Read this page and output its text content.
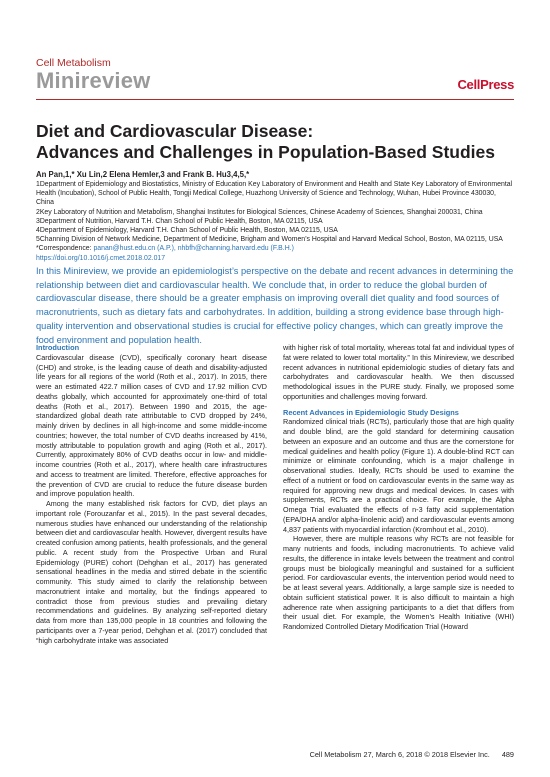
Cell Metabolism
Minireview	CellPress
Diet and Cardiovascular Disease:
Advances and Challenges in Population-Based Studies
An Pan,1,* Xu Lin,2 Elena Hemler,3 and Frank B. Hu3,4,5,*

1Department of Epidemiology and Biostatistics, Ministry of Education Key Laboratory of Environment and Health and State Key Laboratory of Environmental Health (Incubation), School of Public Health, Tongji Medical College, Huazhong University of Science and Technology, Wuhan, Hubei Province 430030, China

2Key Laboratory of Nutrition and Metabolism, Shanghai Institutes for Biological Sciences, Chinese Academy of Sciences, Shanghai 200031, China

3Department of Nutrition, Harvard T.H. Chan School of Public Health, Boston, MA 02115, USA

4Department of Epidemiology, Harvard T.H. Chan School of Public Health, Boston, MA 02115, USA

5Channing Division of Network Medicine, Department of Medicine, Brigham and Women’s Hospital and Harvard Medical School, Boston, MA 02115, USA

*Correspondence: panan@hust.edu.cn (A.P.), nhbfh@channing.harvard.edu (F.B.H.)

https://doi.org/10.1016/j.cmet.2018.02.017

In this Minireview, we provide an epidemiologist’s perspective on the debate and recent advances in determining the relationship between diet and cardiovascular health. We conclude that, in order to reduce the global burden of cardiovascular disease, there should be a greater emphasis on improving overall diet quality and food sources of macronutrients, such as dietary fats and carbohydrates. In addition, building a strong evidence base through high-quality intervention and observational studies is crucial for effective policy changes, which can greatly improve the food environment and population health.
Introduction

Cardiovascular disease (CVD), specifically coronary heart disease (CHD) and stroke, is the leading cause of death and disability-adjusted life years for all regions of the world (Roth et al., 2017). In 2015, there were an estimated 422.7 million cases of CVD and 17.92 million CVD deaths globally, which accounted for approximately one-third of total deaths (Roth et al., 2017). Between 1990 and 2015, the age-standardized global death rate attributable to CVD dropped by 24%, mainly driven by declines in all high-income and some middle-income countries; however, the total number of CVD deaths increased by 41%, mostly attributable to population growth and aging (Roth et al., 2017). Currently, approximately 80% of CVD deaths occur in low- and middle-income countries (Roth et al., 2017), where health care infrastructures and access to treatment are limited. Therefore, effective approaches for the prevention of CVD are crucial to reduce the future disease burden and improve population health.

Among the many established risk factors for CVD, diet plays an important role (Forouzanfar et al., 2015). In the past several decades, numerous studies have enhanced our understanding of the relationship between diet and cardiovascular health. However, divergent results have created confusion among patients, health professionals, and the general public. A recent study from the Prospective Urban and Rural Epidemiology (PURE) cohort (Dehghan et al., 2017) has generated sensational headlines in the media and stirred debate in the scientific community. This study aimed to clarify the relationship between macronutrient intake and mortality, but the findings appeared to contradict those from previous studies and prevailing dietary recommendations and guidelines. By analyzing self-reported dietary data from more than 135,000 people in 18 countries and following the participants over a 7-year period, Dehghan et al. (2017) concluded that “high carbohydrate intake was associated

with higher risk of total mortality, whereas total fat and individual types of fat were related to lower total mortality.” In this Minireview, we described recent advances in nutritional epidemiologic studies of dietary fats and carbohydrates and cardiovascular health. We then discussed methodological issues in the PURE study. Finally, we proposed some opportunities and challenges moving forward.

Recent Advances in Epidemiologic Study Designs

Randomized clinical trials (RCTs), particularly those that are high quality and double blind, are the gold standard for determining causation between an exposure and an outcome and thus are the cornerstone for medical guidelines and health policy (Figure 1). A double-blind RCT can minimize or eliminate confounding, which is a major challenge in observational studies. Ideally, RCTs should be used to examine the effect of a nutrient or food on cardiovascular events in the same way as required for approving new drugs and medical devices. In cases with supplements, RCTs are a practical choice. For example, the Alpha Omega Trial evaluated the effects of n-3 fatty acid supplementation (EPA/DHA and/or alpha-linolenic acid) and cardiovascular events among 4,837 patients with myocardial infarction (Kromhout et al., 2010).

However, there are multiple reasons why RCTs are not feasible for many nutrients and foods, including macronutrients. To achieve valid results, the difference in intake levels between the treatment and control groups must be biologically meaningful and sustained for a sufficient period. For cardiovascular events, the intervention period would need to be at least several years. Additionally, a large sample size is needed to obtain sufficient statistical power. It is also difficult to maintain a high adherence rate when assigning participants to a diet that differs from their usual diet. For example, the Women’s Health Initiative (WHI) Randomized Controlled Dietary Modification Trial (Howard

Cell Metabolism 27, March 6, 2018 © 2018 Elsevier Inc. 489
